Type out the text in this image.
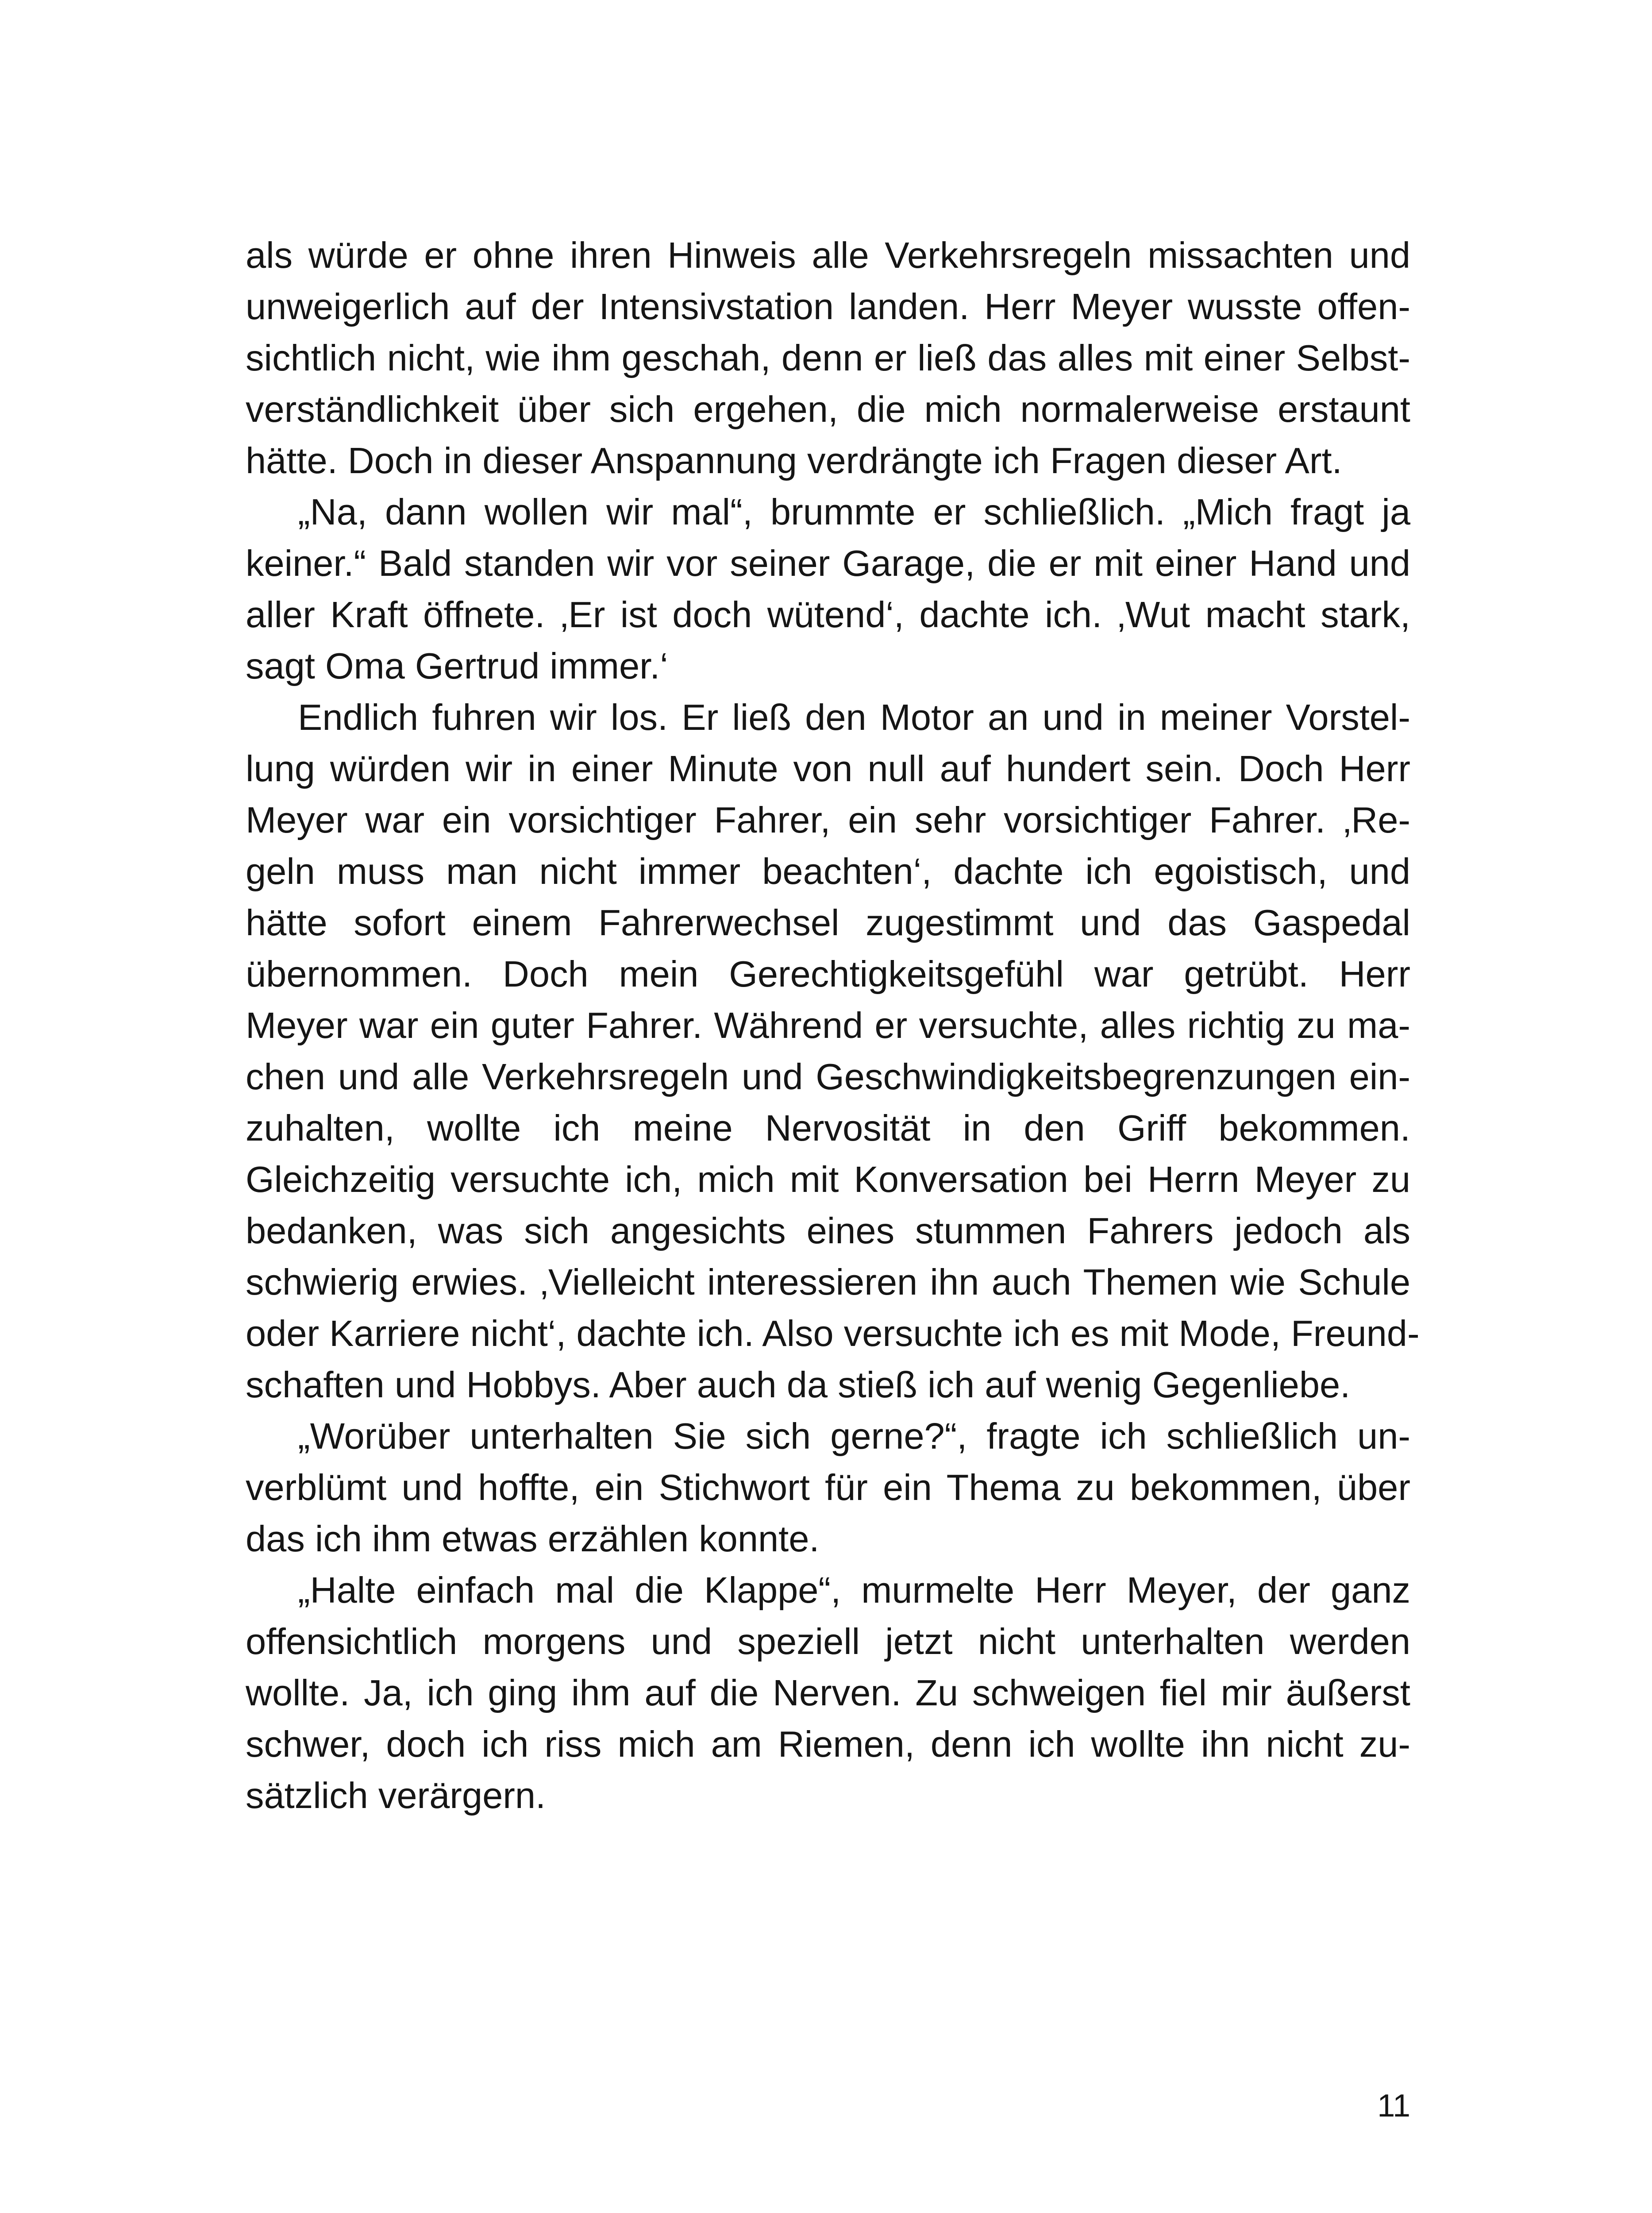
als würde er ohne ihren Hinweis alle Verkehrsregeln missachten und
unweigerlich auf der Intensivstation landen. Herr Meyer wusste offen-
sichtlich nicht, wie ihm geschah, denn er ließ das alles mit einer Selbst-
verständlichkeit über sich ergehen, die mich normalerweise erstaunt
hätte. Doch in dieser Anspannung verdrängte ich Fragen dieser Art.
„Na, dann wollen wir mal“, brummte er schließlich. „Mich fragt ja
keiner.“ Bald standen wir vor seiner Garage, die er mit einer Hand und
aller Kraft öffnete. ‚Er ist doch wütend‘, dachte ich. ‚Wut macht stark,
sagt Oma Gertrud immer.‘
Endlich fuhren wir los. Er ließ den Motor an und in meiner Vorstel-
lung würden wir in einer Minute von null auf hundert sein. Doch Herr
Meyer war ein vorsichtiger Fahrer, ein sehr vorsichtiger Fahrer. ‚Re-
geln muss man nicht immer beachten‘, dachte ich egoistisch, und
hätte sofort einem Fahrerwechsel zugestimmt und das Gaspedal
übernommen. Doch mein Gerechtigkeitsgefühl war getrübt. Herr
Meyer war ein guter Fahrer. Während er versuchte, alles richtig zu ma-
chen und alle Verkehrsregeln und Geschwindigkeitsbegrenzungen ein-
zuhalten, wollte ich meine Nervosität in den Griff bekommen.
Gleichzeitig versuchte ich, mich mit Konversation bei Herrn Meyer zu
bedanken, was sich angesichts eines stummen Fahrers jedoch als
schwierig erwies. ‚Vielleicht interessieren ihn auch Themen wie Schule
oder Karriere nicht‘, dachte ich. Also versuchte ich es mit Mode, Freund-
schaften und Hobbys. Aber auch da stieß ich auf wenig Gegenliebe.
„Worüber unterhalten Sie sich gerne?“, fragte ich schließlich un-
verblümt und hoffte, ein Stichwort für ein Thema zu bekommen, über
das ich ihm etwas erzählen konnte.
„Halte einfach mal die Klappe“, murmelte Herr Meyer, der ganz
offensichtlich morgens und speziell jetzt nicht unterhalten werden
wollte. Ja, ich ging ihm auf die Nerven. Zu schweigen fiel mir äußerst
schwer, doch ich riss mich am Riemen, denn ich wollte ihn nicht zu-
sätzlich verärgern.
11
